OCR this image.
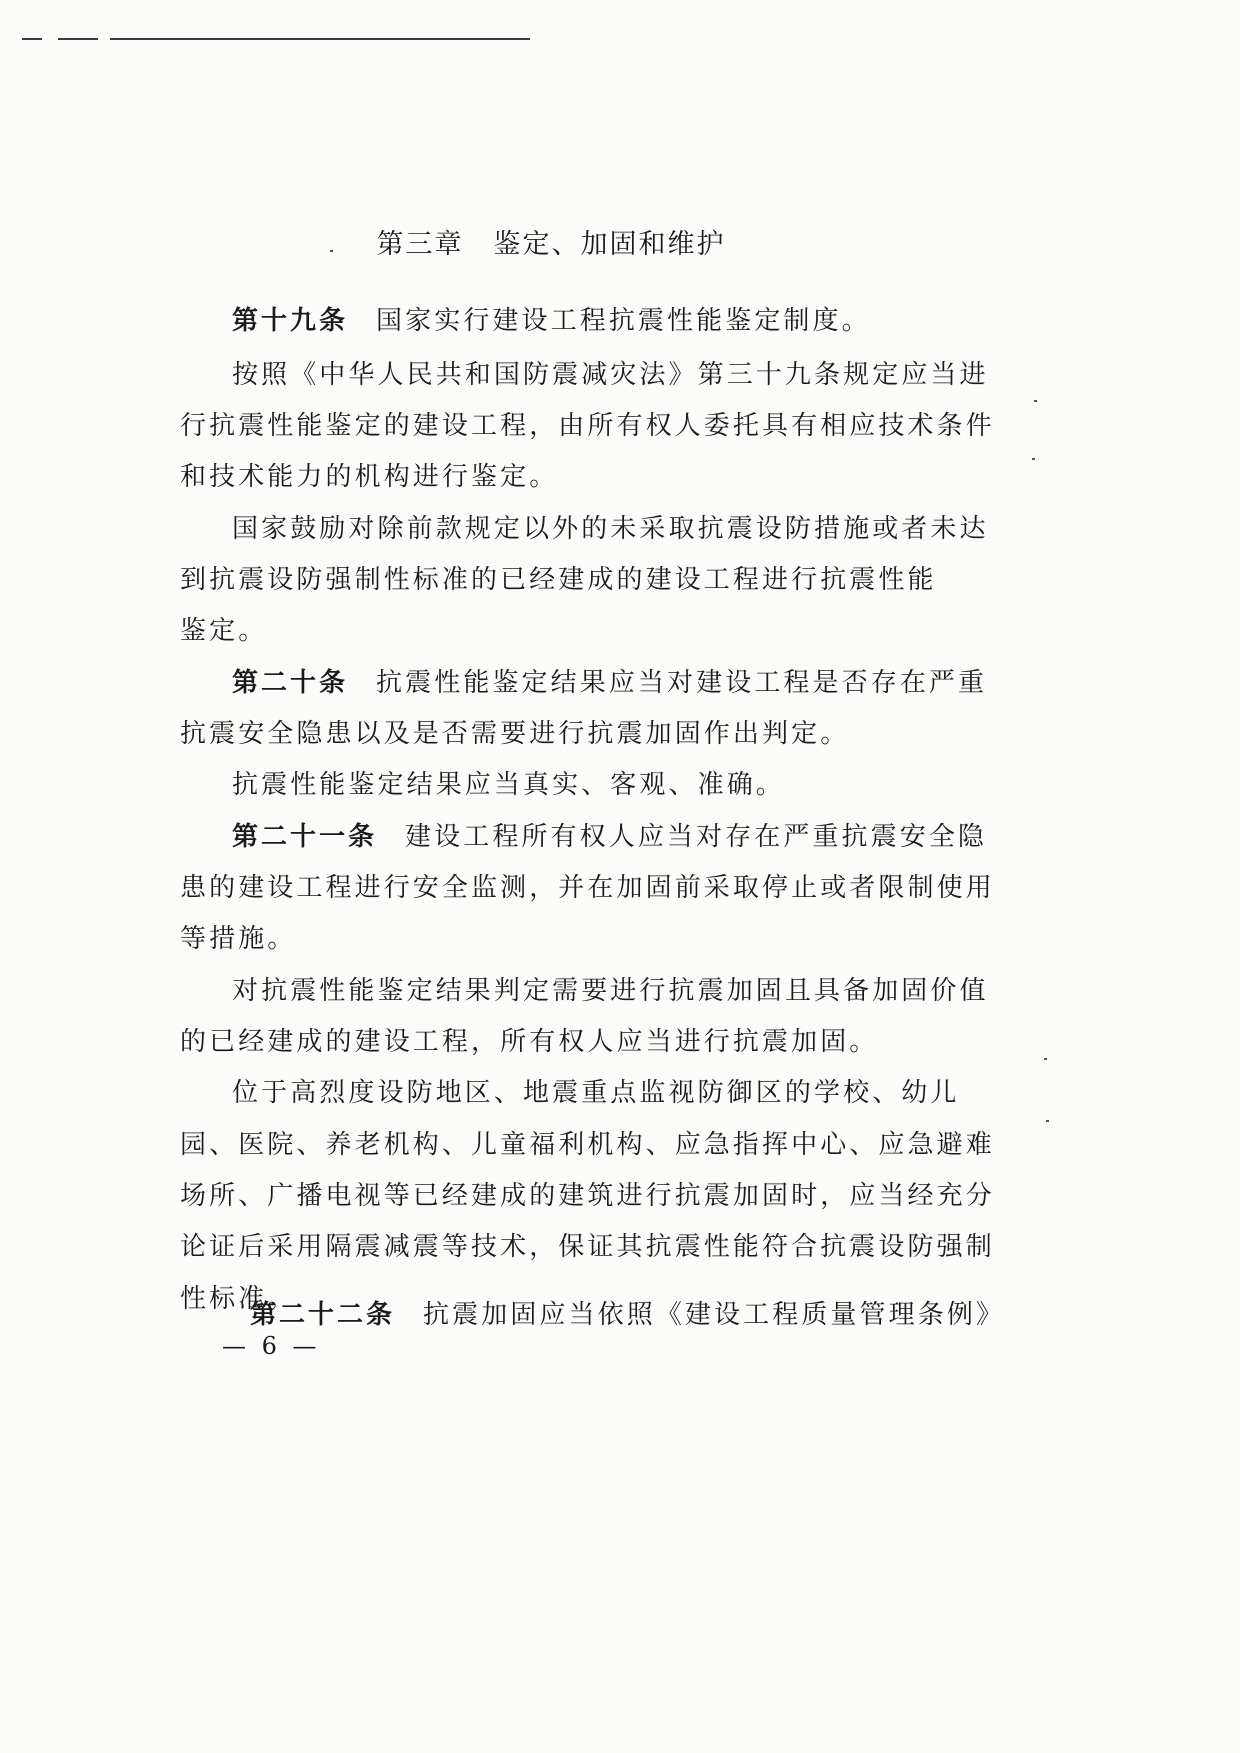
第三章 鉴定、加固和维护
第十九条 国家实行建设工程抗震性能鉴定制度。
按照《中华人民共和国防震减灾法》第三十九条规定应当进
行抗震性能鉴定的建设工程，由所有权人委托具有相应技术条件
和技术能力的机构进行鉴定。
国家鼓励对除前款规定以外的未采取抗震设防措施或者未达
到抗震设防强制性标准的已经建成的建设工程进行抗震性能
鉴定。
第二十条 抗震性能鉴定结果应当对建设工程是否存在严重
抗震安全隐患以及是否需要进行抗震加固作出判定。
抗震性能鉴定结果应当真实、客观、准确。
第二十一条 建设工程所有权人应当对存在严重抗震安全隐
患的建设工程进行安全监测，并在加固前采取停止或者限制使用
等措施。
对抗震性能鉴定结果判定需要进行抗震加固且具备加固价值
的已经建成的建设工程，所有权人应当进行抗震加固。
位于高烈度设防地区、地震重点监视防御区的学校、幼儿
园、医院、养老机构、儿童福利机构、应急指挥中心、应急避难
场所、广播电视等已经建成的建筑进行抗震加固时，应当经充分
论证后采用隔震减震等技术，保证其抗震性能符合抗震设防强制
性标准。
第二十二条 抗震加固应当依照《建设工程质量管理条例》
— 6 —
